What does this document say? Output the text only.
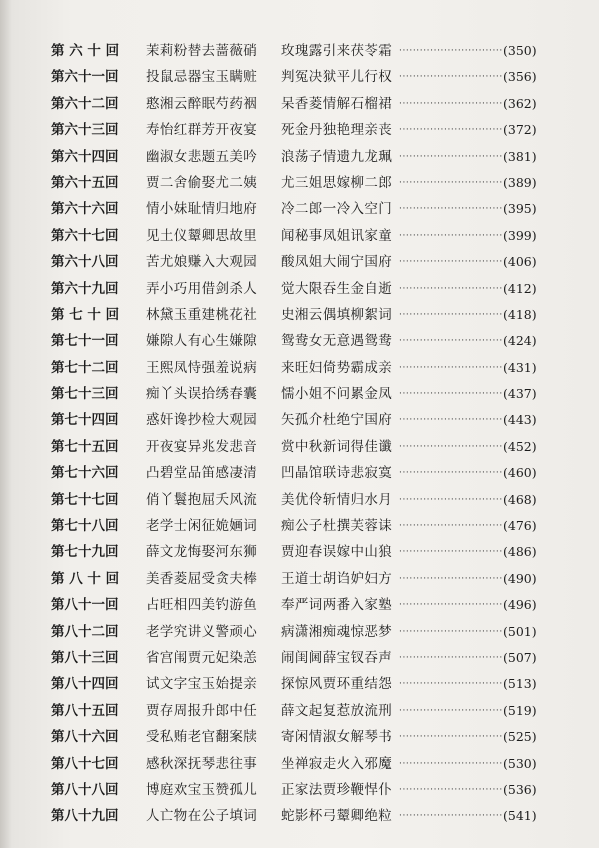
第 六 十 回	茉莉粉替去蔷薇硝	玫瑰露引来茯苓霜 ·····	(350)
第六十一回	投鼠忌器宝玉瞒赃	判冤决狱平儿行权 ·····	(356)
第六十二回	憨湘云醉眠芍药裀	呆香菱情解石榴裙 ·····	(362)
第六十三回	寿怡红群芳开夜宴	死金丹独艳理亲丧 ·····	(372)
第六十四回	幽淑女悲题五美吟	浪荡子情遗九龙珮 ·····	(381)
第六十五回	贾二舍偷娶尤二姨	尤三姐思嫁柳二郎 ·····	(389)
第六十六回	情小妹耻情归地府	冷二郎一冷入空门 ·····	(395)
第六十七回	见土仪颦卿思故里	闻秘事凤姐讯家童 ·····	(399)
第六十八回	苦尤娘赚入大观园	酸凤姐大闹宁国府 ·····	(406)
第六十九回	弄小巧用借剑杀人	觉大限吞生金自逝 ·····	(412)
第 七 十 回	林黛玉重建桃花社	史湘云偶填柳絮词 ·····	(418)
第七十一回	嫌隙人有心生嫌隙	鸳鸯女无意遇鸳鸯 ·····	(424)
第七十二回	王熙凤恃强羞说病	来旺妇倚势霸成亲 ·····	(431)
第七十三回	痴丫头误拾绣春囊	懦小姐不问累金凤 ·····	(437)
第七十四回	惑奸谗抄检大观园	矢孤介杜绝宁国府 ·····	(443)
第七十五回	开夜宴异兆发悲音	赏中秋新词得佳谶 ·····	(452)
第七十六回	凸碧堂品笛感凄清	凹晶馆联诗悲寂寞 ·····	(460)
第七十七回	俏丫鬟抱屈夭风流	美优伶斩情归水月 ·····	(468)
第七十八回	老学士闲征姽婳词	痴公子杜撰芙蓉诔 ·····	(476)
第七十九回	薛文龙悔娶河东狮	贾迎春误嫁中山狼 ·····	(486)
第 八 十 回	美香菱屈受贪夫棒	王道士胡诌妒妇方 ·····	(490)
第八十一回	占旺相四美钓游鱼	奉严词两番入家塾 ·····	(496)
第八十二回	老学究讲义警顽心	病潇湘痴魂惊恶梦 ·····	(501)
第八十三回	省宫闱贾元妃染恙	闹闺阃薛宝钗吞声 ·····	(507)
第八十四回	试文字宝玉始提亲	探惊风贾环重结怨 ·····	(513)
第八十五回	贾存周报升郎中任	薛文起复惹放流刑 ·····	(519)
第八十六回	受私贿老官翻案牍	寄闲情淑女解琴书 ·····	(525)
第八十七回	感秋深抚琴悲往事	坐禅寂走火入邪魔 ·····	(530)
第八十八回	博庭欢宝玉赞孤儿	正家法贾珍鞭悍仆 ·····	(536)
第八十九回	人亡物在公子填词	蛇影杯弓颦卿绝粒 ·····	(541)
